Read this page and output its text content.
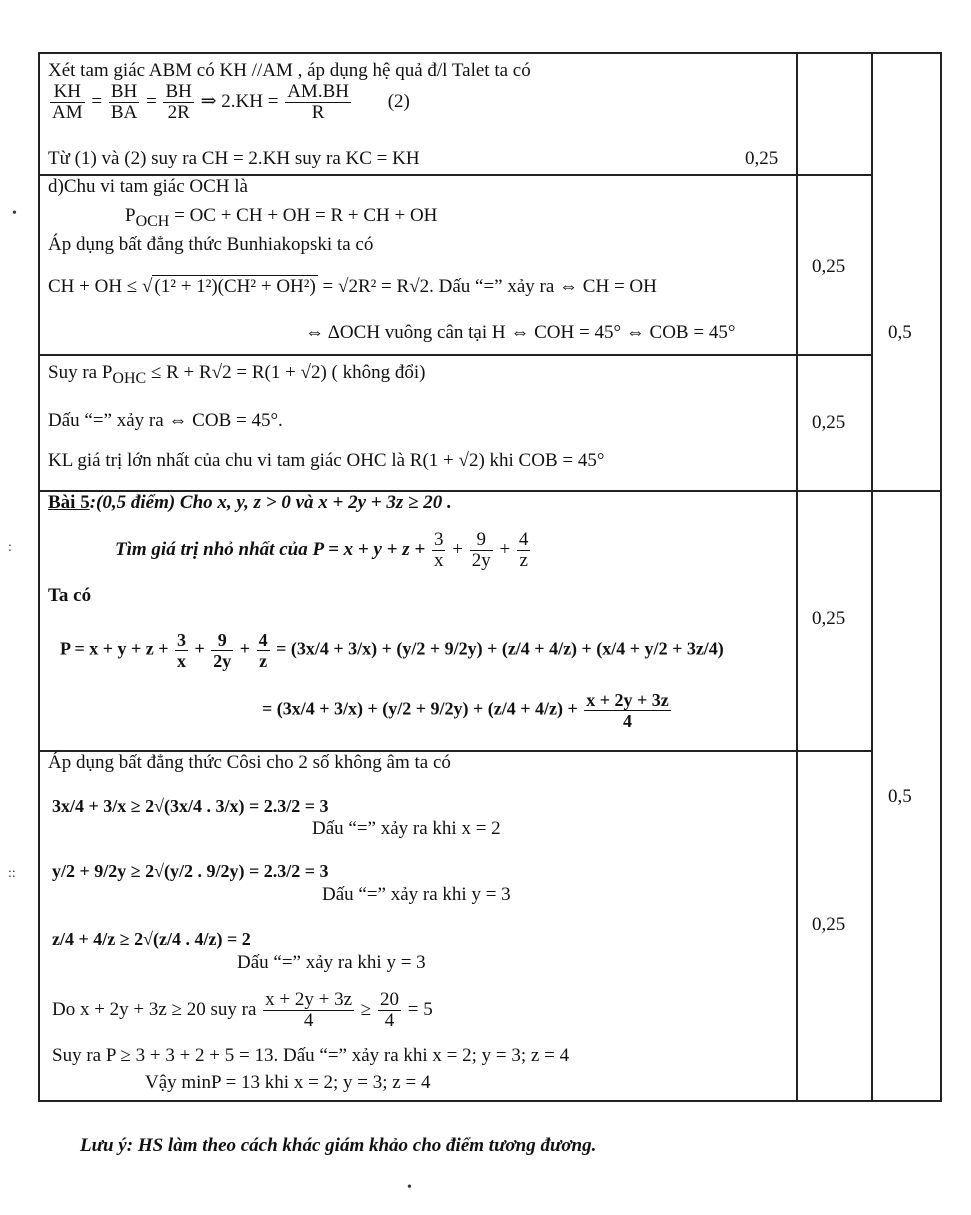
Xét tam giác ABM có KH //AM , áp dụng hệ quả đ/l Talet ta có
$\frac{KH}{AM} = \frac{BH}{BA} = \frac{BH}{2R}$ ⇒ $2.KH = \frac{AM.BH}{R} (2)$
Từ (1) và (2) suy ra CH = 2.KH suy ra KC = KH	0,25
d)Chu vi tam giác OCH là
$P_{OCH}$ = OC + CH + OH = R + CH + OH
Áp dụng bất đẳng thức Bunhiakopski ta có
CH + OH ≤ √ (1² + 1²)(CH² + OH²) = √2R² = R√2. Dấu “=” xảy ra ⇔ CH = OH
⇔ ΔOCH vuông cân tại H ⇔ COH = 45° ⇔ COB = 45°
0,25
Suy ra $P_{OHC} \le R + R√2 = R(1 + √2)$ ( không đổi)
Dấu “=” xảy ra ⇔ COB = 45°.
KL giá trị lớn nhất của chu vi tam giác OHC là R(1 + √2) khi COB = 45°
0,25
0,5
Bài 5:(0,5 điểm) Cho x, y, z > 0 và x + 2y + 3z ≥ 20 .
Tìm giá trị nhỏ nhất của $P = x + y + z + \frac{3}{x} + \frac{9}{2y} + \frac{4}{z}$
Ta có
$P = x + y + z + \frac{3}{x} + \frac{9}{2y} + \frac{4}{z} = (3x/4 + 3/x) + (y/2 + 9/2y) + (z/4 + 4/z) + (x/4 + y/2 + 3z/4)$
= $(3x/4 + 3/x) + (y/2 + 9/2y) + (z/4 + 4/z) + \frac{x + 2y + 3z}{4}$
0,25
Áp dụng bất đẳng thức Côsi cho 2 số không âm ta có
3x/4 + 3/x ≥ 2√(3x/4 . 3/x) = 2.3/2 = 3
Dấu “=” xảy ra khi x = 2
y/2 + 9/2y ≥ 2√(y/2 . 9/2y) = 2.3/2 = 3
Dấu “=” xảy ra khi y = 3
z/4 + 4/z ≥ 2√(z/4 . 4/z) = 2
Dấu “=” xảy ra khi y = 3
Do x + 2y + 3z ≥ 20 suy ra $\frac{x + 2y + 3z}{4} \ge \frac{20}{4} = 5$
Suy ra P ≥ 3 + 3 + 2 + 5 = 13. Dấu “=” xảy ra khi x = 2; y = 3; z = 4
Vậy minP = 13 khi x = 2; y = 3; z = 4
0,25
0,5
Lưu ý: HS làm theo cách khác giám khảo cho điểm tương đương.
•
:
::
•
